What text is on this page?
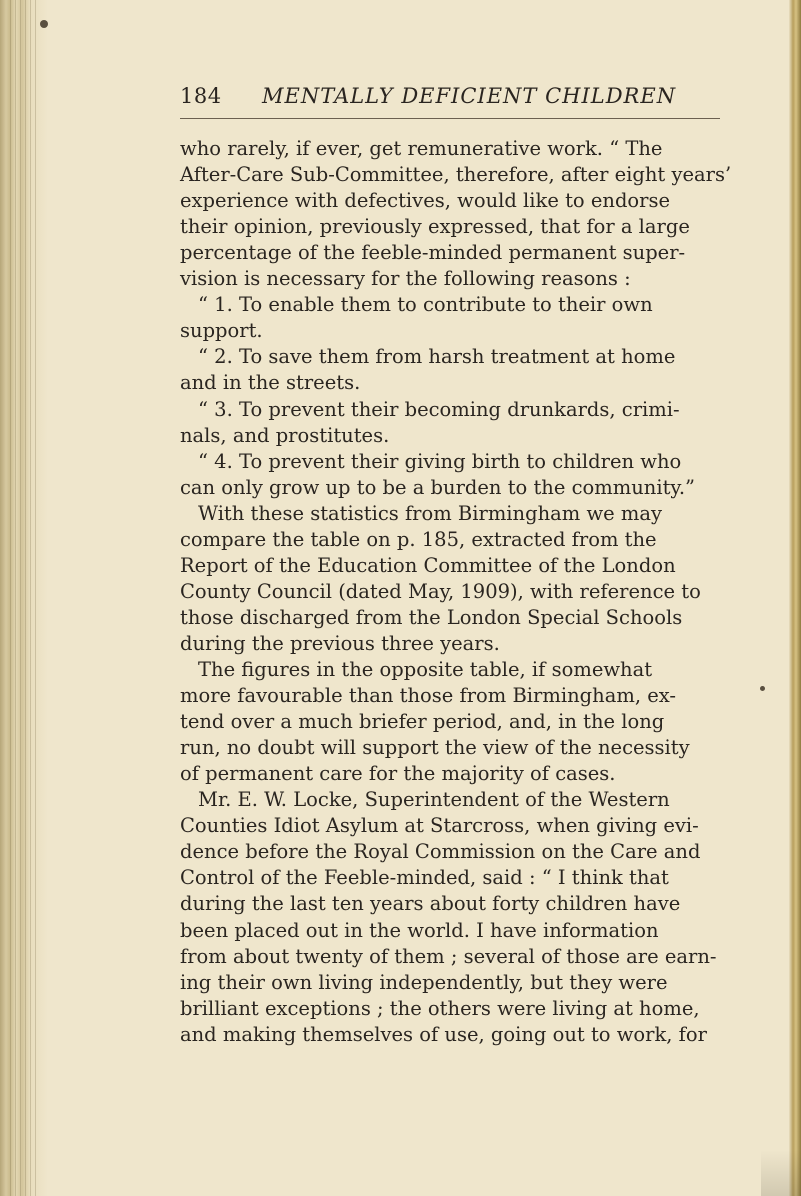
184 MENTALLY DEFICIENT CHILDREN
who rarely, if ever, get remunerative work. “ The
After-Care Sub-Committee, therefore, after eight years’
experience with defectives, would like to endorse
their opinion, previously expressed, that for a large
percentage of the feeble-minded permanent super-
vision is necessary for the following reasons :
“ 1. To enable them to contribute to their own
support.
“ 2. To save them from harsh treatment at home
and in the streets.
“ 3. To prevent their becoming drunkards, crimi-
nals, and prostitutes.
“ 4. To prevent their giving birth to children who
can only grow up to be a burden to the community.”
With these statistics from Birmingham we may
compare the table on p. 185, extracted from the
Report of the Education Committee of the London
County Council (dated May, 1909), with reference to
those discharged from the London Special Schools
during the previous three years.
The figures in the opposite table, if somewhat
more favourable than those from Birmingham, ex-
tend over a much briefer period, and, in the long
run, no doubt will support the view of the necessity
of permanent care for the majority of cases.
Mr. E. W. Locke, Superintendent of the Western
Counties Idiot Asylum at Starcross, when giving evi-
dence before the Royal Commission on the Care and
Control of the Feeble-minded, said : “ I think that
during the last ten years about forty children have
been placed out in the world. I have information
from about twenty of them ; several of those are earn-
ing their own living independently, but they were
brilliant exceptions ; the others were living at home,
and making themselves of use, going out to work, for
